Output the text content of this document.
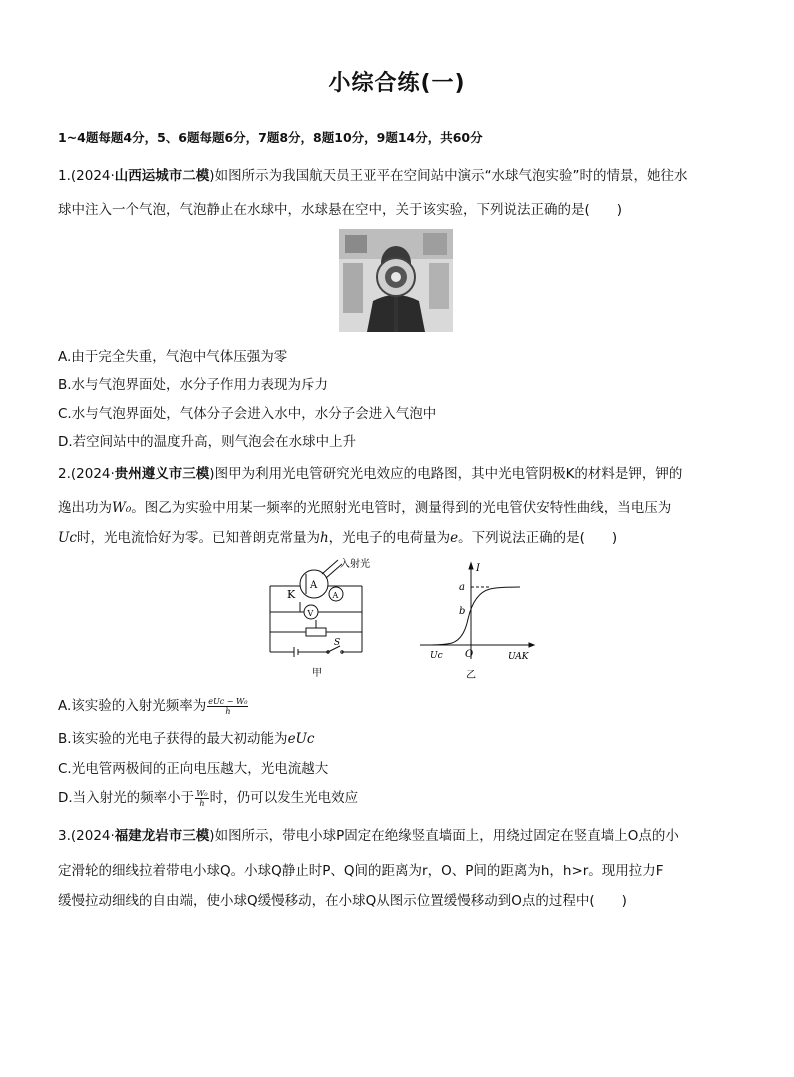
小综合练(一)
1~4题每题4分，5、6题每题6分，7题8分，8题10分，9题14分，共60分
1.(2024·山西运城市二模)如图所示为我国航天员王亚平在空间站中演示“水球气泡实验”时的情景，她往水
球中注入一个气泡，气泡静止在水球中，水球悬在空中，关于该实验，下列说法正确的是(　　)
A.由于完全失重，气泡中气体压强为零
B.水与气泡界面处，水分子作用力表现为斥力
C.水与气泡界面处，气体分子会进入水中，水分子会进入气泡中
D.若空间站中的温度升高，则气泡会在水球中上升
2.(2024·贵州遵义市三模)图甲为利用光电管研究光电效应的电路图，其中光电管阴极K的材料是钾，钾的
逸出功为W₀。图乙为实验中用某一频率的光照射光电管时，测量得到的光电管伏安特性曲线，当电压为
Uc时，光电流恰好为零。已知普朗克常量为h，光电子的电荷量为e。下列说法正确的是(　　)
入射光
K
A
A
V
S
甲
I
a
b
Uc O	UAK
乙
A.该实验的入射光频率为 $\frac{\text{eUc − W₀}}{h}$
B.该实验的光电子获得的最大初动能为eUc
C.光电管两极间的正向电压越大，光电流越大
D.当入射光的频率小于 $\frac{\text{W₀}}{h}$ 时，仍可以发生光电效应
3.(2024·福建龙岩市三模)如图所示，带电小球P固定在绝缘竖直墙面上，用绕过固定在竖直墙上O点的小
定滑轮的细线拉着带电小球Q。小球Q静止时P、Q间的距离为r，O、P间的距离为h，h>r。现用拉力F
缓慢拉动细线的自由端，使小球Q缓慢移动，在小球Q从图示位置缓慢移动到O点的过程中(　　)
